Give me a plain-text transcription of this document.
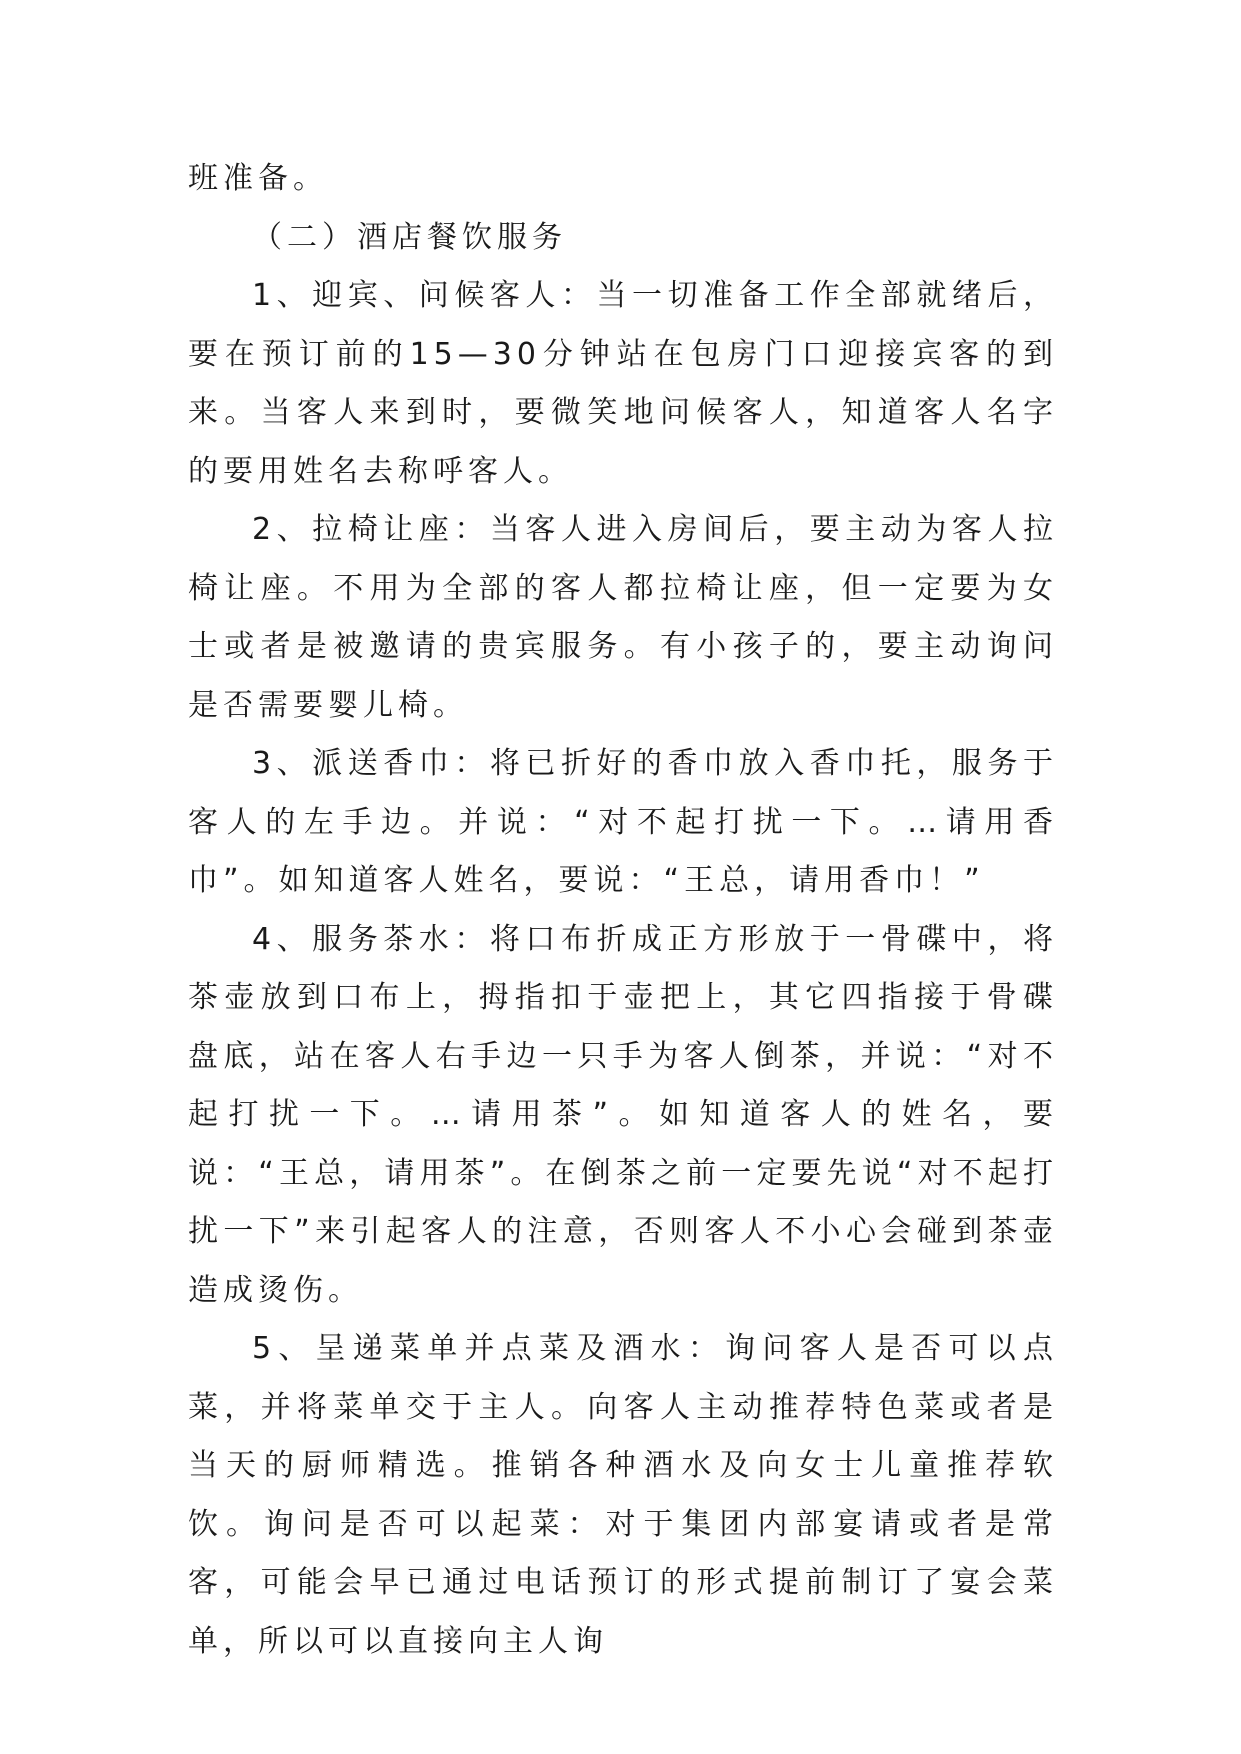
班准备。

（二）酒店餐饮服务

1、迎宾、问候客人：当一切准备工作全部就绪后，要在预订前的15—30分钟站在包房门口迎接宾客的到来。当客人来到时，要微笑地问候客人，知道客人名字的要用姓名去称呼客人。

2、拉椅让座：当客人进入房间后，要主动为客人拉椅让座。不用为全部的客人都拉椅让座，但一定要为女士或者是被邀请的贵宾服务。有小孩子的，要主动询问是否需要婴儿椅。

3、派送香巾：将已折好的香巾放入香巾托，服务于客人的左手边。并说：“对不起打扰一下。…请用香巾”。如知道客人姓名，要说：“王总，请用香巾！”

4、服务茶水：将口布折成正方形放于一骨碟中，将茶壶放到口布上，拇指扣于壶把上，其它四指接于骨碟盘底，站在客人右手边一只手为客人倒茶，并说：“对不起打扰一下。…请用茶”。如知道客人的姓名，要说：“王总，请用茶”。在倒茶之前一定要先说“对不起打扰一下”来引起客人的注意，否则客人不小心会碰到茶壶造成烫伤。

5、呈递菜单并点菜及酒水：询问客人是否可以点菜，并将菜单交于主人。向客人主动推荐特色菜或者是当天的厨师精选。推销各种酒水及向女士儿童推荐软饮。询问是否可以起菜：对于集团内部宴请或者是常客，可能会早已通过电话预订的形式提前制订了宴会菜单，所以可以直接向主人询
